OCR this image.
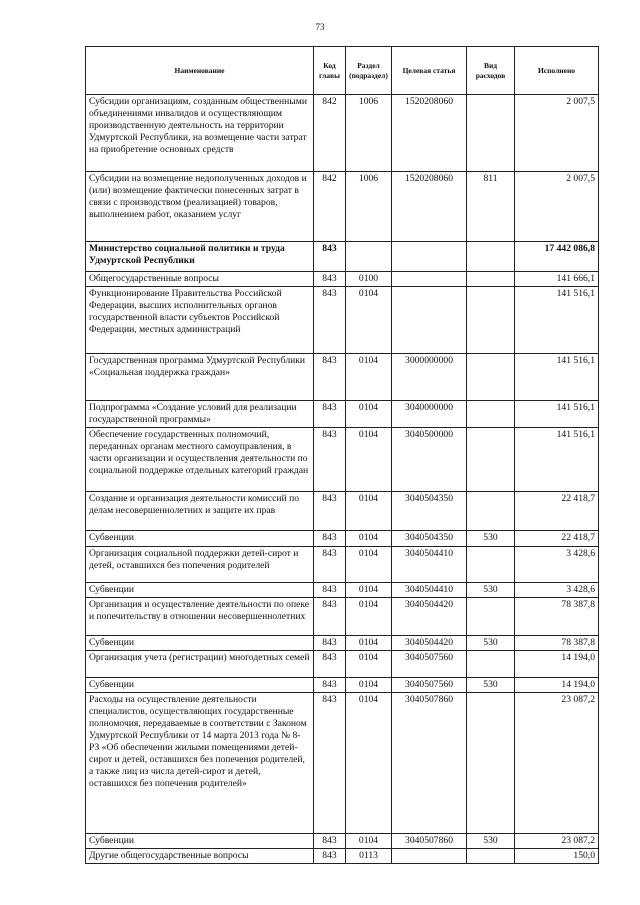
73
Наименование	Код главы	Раздел (подраздел)	Целевая статья	Вид расходов	Исполнено
Субсидии организациям, созданным общественными объединениями инвалидов и осуществляющим производственную деятельность на территории Удмуртской Республики, на возмещение части затрат на приобретение основных средств	842	1006	1520208060		2 007,5
Субсидии на возмещение недополученных доходов и (или) возмещение фактически понесенных затрат в связи с производством (реализацией) товаров, выполнением работ, оказанием услуг	842	1006	1520208060	811	2 007,5
Министерство социальной политики и труда Удмуртской Республики	843				17 442 086,8
Общегосударственные вопросы	843	0100			141 666,1
Функционирование Правительства Российской Федерации, высших исполнительных органов государственной власти субъектов Российской Федерации, местных администраций	843	0104			141 516,1
Государственная программа Удмуртской Республики «Социальная поддержка граждан»	843	0104	3000000000		141 516,1
Подпрограмма «Создание условий для реализации государственной программы»	843	0104	3040000000		141 516,1
Обеспечение государственных полномочий, переданных органам местного самоуправления, в части организации и осуществления деятельности по социальной поддержке отдельных категорий граждан	843	0104	3040500000		141 516,1
Создание и организация деятельности комиссий по делам несовершеннолетних и защите их прав	843	0104	3040504350		22 418,7
Субвенции	843	0104	3040504350	530	22 418,7
Организация социальной поддержки детей-сирот и детей, оставшихся без попечения родителей	843	0104	3040504410		3 428,6
Субвенции	843	0104	3040504410	530	3 428,6
Организация и осуществление деятельности по опеке и попечительству в отношении несовершеннолетних	843	0104	3040504420		78 387,8
Субвенции	843	0104	3040504420	530	78 387,8
Организация учета (регистрации) многодетных семей	843	0104	3040507560		14 194,0
Субвенции	843	0104	3040507560	530	14 194,0
Расходы на осуществление деятельности специалистов, осуществляющих государственные полномочия, передаваемые в соответствии с Законом Удмуртской Республики от 14 марта 2013 года № 8-РЗ «Об обеспечении жилыми помещениями детей-сирот и детей, оставшихся без попечения родителей, а также лиц из числа детей-сирот и детей, оставшихся без попечения родителей»	843	0104	3040507860		23 087,2
Субвенции	843	0104	3040507860	530	23 087,2
Другие общегосударственные вопросы	843	0113			150,0
